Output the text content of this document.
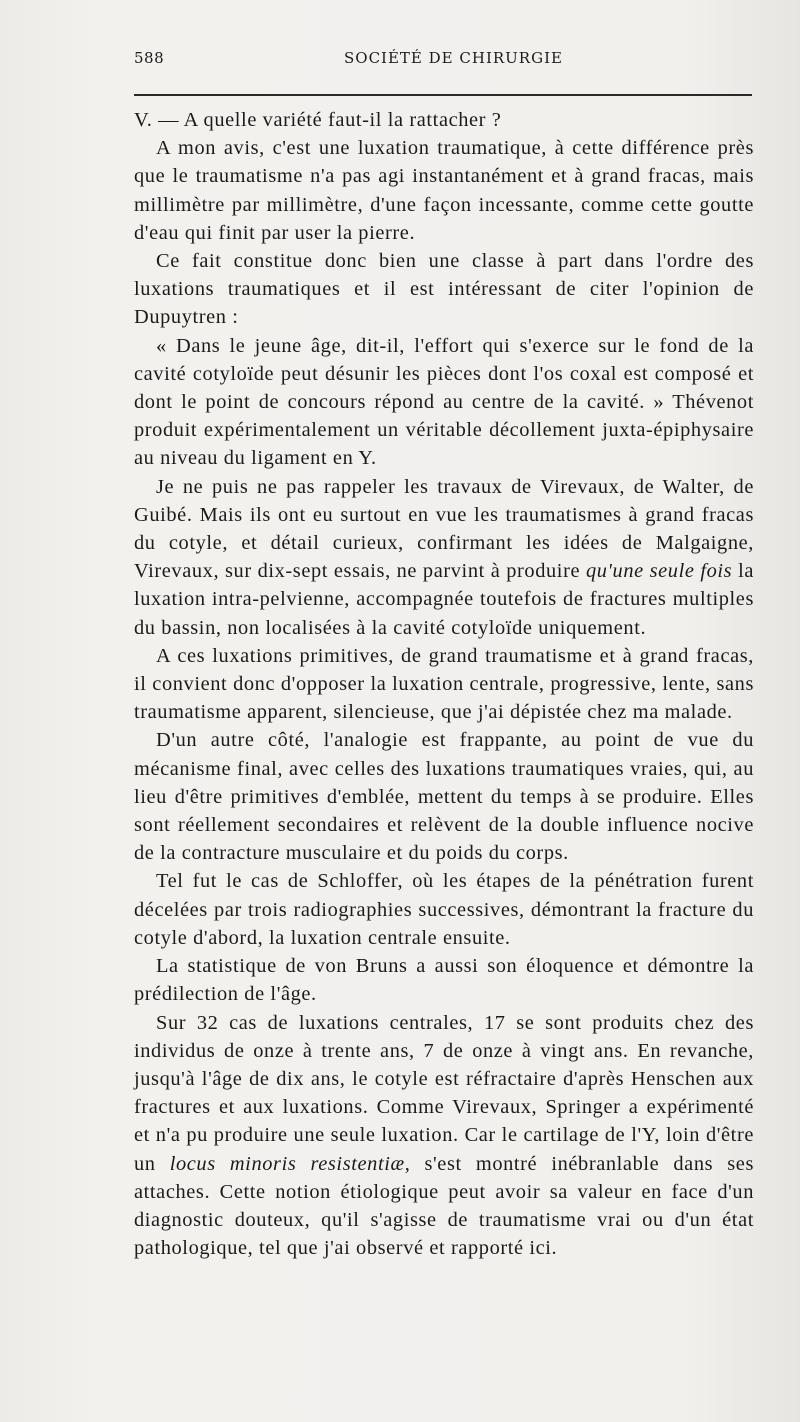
588	SOCIÉTÉ DE CHIRURGIE

V. — A quelle variété faut-il la rattacher ?

A mon avis, c'est une luxation traumatique, à cette différence près que le traumatisme n'a pas agi instantanément et à grand fracas, mais millimètre par millimètre, d'une façon incessante, comme cette goutte d'eau qui finit par user la pierre.

Ce fait constitue donc bien une classe à part dans l'ordre des luxations traumatiques et il est intéressant de citer l'opinion de Dupuytren :

« Dans le jeune âge, dit-il, l'effort qui s'exerce sur le fond de la cavité cotyloïde peut désunir les pièces dont l'os coxal est composé et dont le point de concours répond au centre de la cavité. » Thévenot produit expérimentalement un véritable décollement juxta-épiphysaire au niveau du ligament en Y.

Je ne puis ne pas rappeler les travaux de Virevaux, de Walter, de Guibé. Mais ils ont eu surtout en vue les traumatismes à grand fracas du cotyle, et détail curieux, confirmant les idées de Malgaigne, Virevaux, sur dix-sept essais, ne parvint à produire qu'une seule fois la luxation intra-pelvienne, accompagnée toutefois de fractures multiples du bassin, non localisées à la cavité cotyloïde uniquement.

A ces luxations primitives, de grand traumatisme et à grand fracas, il convient donc d'opposer la luxation centrale, progressive, lente, sans traumatisme apparent, silencieuse, que j'ai dépistée chez ma malade.

D'un autre côté, l'analogie est frappante, au point de vue du mécanisme final, avec celles des luxations traumatiques vraies, qui, au lieu d'être primitives d'emblée, mettent du temps à se produire. Elles sont réellement secondaires et relèvent de la double influence nocive de la contracture musculaire et du poids du corps.

Tel fut le cas de Schloffer, où les étapes de la pénétration furent décelées par trois radiographies successives, démontrant la fracture du cotyle d'abord, la luxation centrale ensuite.

La statistique de von Bruns a aussi son éloquence et démontre la prédilection de l'âge.

Sur 32 cas de luxations centrales, 17 se sont produits chez des individus de onze à trente ans, 7 de onze à vingt ans. En revanche, jusqu'à l'âge de dix ans, le cotyle est réfractaire d'après Henschen aux fractures et aux luxations. Comme Virevaux, Springer a expérimenté et n'a pu produire une seule luxation. Car le cartilage de l'Y, loin d'être un locus minoris resistentiæ, s'est montré inébranlable dans ses attaches. Cette notion étiologique peut avoir sa valeur en face d'un diagnostic douteux, qu'il s'agisse de traumatisme vrai ou d'un état pathologique, tel que j'ai observé et rapporté ici.
